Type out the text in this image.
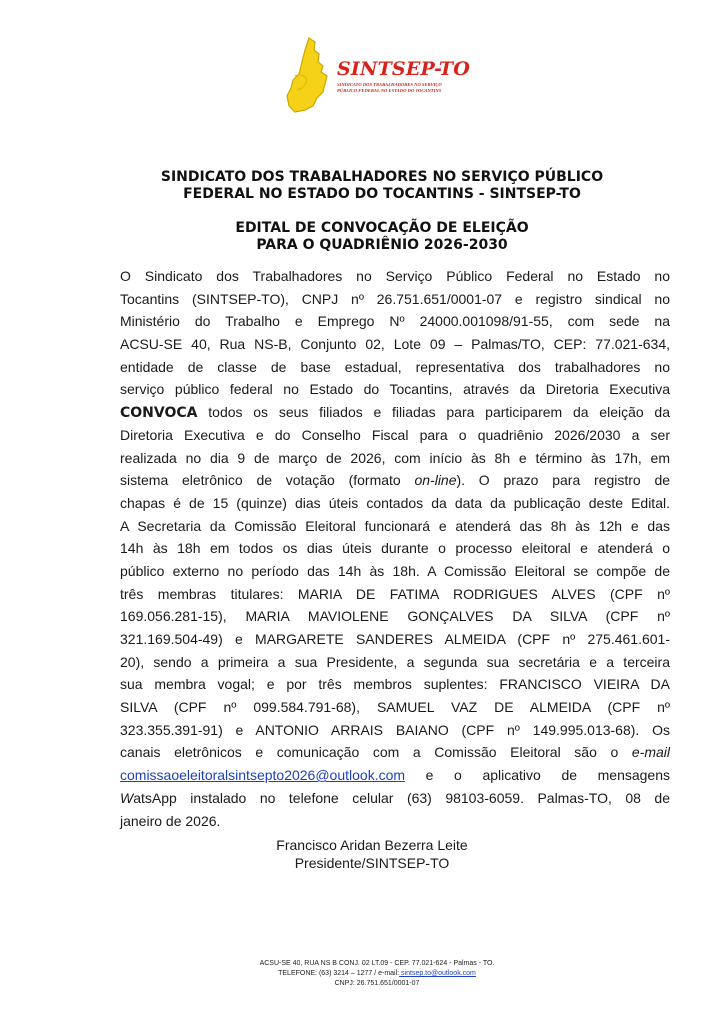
SINTSEP-TO
SINDICATO DOS TRABALHADORES NO SERVIÇO
PÚBLICO FEDERAL NO ESTADO DO TOCANTINS
SINDICATO DOS TRABALHADORES NO SERVIÇO PÚBLICO
FEDERAL NO ESTADO DO TOCANTINS - SINTSEP-TO
EDITAL DE CONVOCAÇÃO DE ELEIÇÃO
PARA O QUADRIÊNIO 2026-2030
O Sindicato dos Trabalhadores no Serviço Público Federal no Estado no
Tocantins (SINTSEP-TO), CNPJ nº 26.751.651/0001-07 e registro sindical no
Ministério do Trabalho e Emprego Nº 24000.001098/91-55, com sede na
ACSU-SE 40, Rua NS-B, Conjunto 02, Lote 09 – Palmas/TO, CEP: 77.021-634,
entidade de classe de base estadual, representativa dos trabalhadores no
serviço público federal no Estado do Tocantins, através da Diretoria Executiva
CONVOCA todos os seus filiados e filiadas para participarem da eleição da
Diretoria Executiva e do Conselho Fiscal para o quadriênio 2026/2030 a ser
realizada no dia 9 de março de 2026, com início às 8h e término às 17h, em
sistema eletrônico de votação (formato on-line). O prazo para registro de
chapas é de 15 (quinze) dias úteis contados da data da publicação deste Edital.
A Secretaria da Comissão Eleitoral funcionará e atenderá das 8h às 12h e das
14h às 18h em todos os dias úteis durante o processo eleitoral e atenderá o
público externo no período das 14h às 18h. A Comissão Eleitoral se compõe de
três membras titulares: MARIA DE FATIMA RODRIGUES ALVES (CPF nº
169.056.281-15), MARIA MAVIOLENE GONÇALVES DA SILVA (CPF nº
321.169.504-49) e MARGARETE SANDERES ALMEIDA (CPF nº 275.461.601-
20), sendo a primeira a sua Presidente, a segunda sua secretária e a terceira
sua membra vogal; e por três membros suplentes: FRANCISCO VIEIRA DA
SILVA (CPF nº 099.584.791-68), SAMUEL VAZ DE ALMEIDA (CPF nº
323.355.391-91) e ANTONIO ARRAIS BAIANO (CPF nº 149.995.013-68). Os
canais eletrônicos e comunicação com a Comissão Eleitoral são o e-mail
comissaoeleitoralsintsepto2026@outlook.com e o aplicativo de mensagens
WatsApp instalado no telefone celular (63) 98103-6059. Palmas-TO, 08 de
janeiro de 2026.
Francisco Aridan Bezerra Leite
Presidente/SINTSEP-TO
ACSU-SE 40, RUA NS B CONJ. 02 LT.09 - CEP. 77.021-624 - Palmas - TO.
TELEFONE: (63) 3214 – 1277 / e-mail: sintsep.to@outlook.com
CNPJ: 26.751.651/0001-07
